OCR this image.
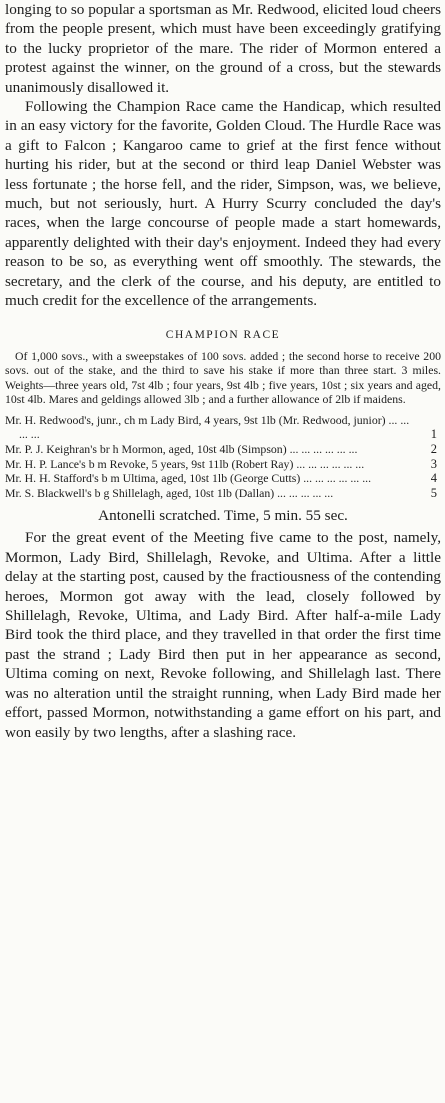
longing to so popular a sportsman as Mr. Redwood, elicited loud cheers from the people present, which must have been exceedingly gratifying to the lucky proprietor of the mare. The rider of Mormon entered a protest against the winner, on the ground of a cross, but the stewards unanimously disallowed it.

Following the Champion Race came the Handicap, which resulted in an easy victory for the favorite, Golden Cloud. The Hurdle Race was a gift to Falcon ; Kangaroo came to grief at the first fence without hurting his rider, but at the second or third leap Daniel Webster was less fortunate ; the horse fell, and the rider, Simpson, was, we believe, much, but not seriously, hurt. A Hurry Scurry concluded the day's races, when the large concourse of people made a start homewards, apparently delighted with their day's enjoyment. Indeed they had every reason to be so, as everything went off smoothly. The stewards, the secretary, and the clerk of the course, and his deputy, are entitled to much credit for the excellence of the arrangements.

CHAMPION RACE

Of 1,000 sovs., with a sweepstakes of 100 sovs. added ; the second horse to receive 200 sovs. out of the stake, and the third to save his stake if more than three start. 3 miles. Weights—three years old, 7st 4lb ; four years, 9st 4lb ; five years, 10st ; six years and aged, 10st 4lb. Mares and geldings allowed 3lb ; and a further allowance of 2lb if maidens.

Mr. H. Redwood's, junr., ch m Lady Bird, 4 years, 9st 1lb (Mr. Redwood, junior) ... ... ... ...	1
Mr. P. J. Keighran's br h Mormon, aged, 10st 4lb (Simpson) ... ... ... ... ... ...	2
Mr. H. P. Lance's b m Revoke, 5 years, 9st 11lb (Robert Ray) ... ... ... ... ... ...	3
Mr. H. H. Stafford's b m Ultima, aged, 10st 1lb (George Cutts) ... ... ... ... ... ...	4
Mr. S. Blackwell's b g Shillelagh, aged, 10st 1lb (Dallan) ... ... ... ... ...	5

Antonelli scratched. Time, 5 min. 55 sec.

For the great event of the Meeting five came to the post, namely, Mormon, Lady Bird, Shillelagh, Revoke, and Ultima. After a little delay at the starting post, caused by the fractiousness of the contending heroes, Mormon got away with the lead, closely followed by Shillelagh, Revoke, Ultima, and Lady Bird. After half-a-mile Lady Bird took the third place, and they travelled in that order the first time past the strand ; Lady Bird then put in her appearance as second, Ultima coming on next, Revoke following, and Shillelagh last. There was no alteration until the straight running, when Lady Bird made her effort, passed Mormon, notwithstanding a game effort on his part, and won easily by two lengths, after a slashing race.
